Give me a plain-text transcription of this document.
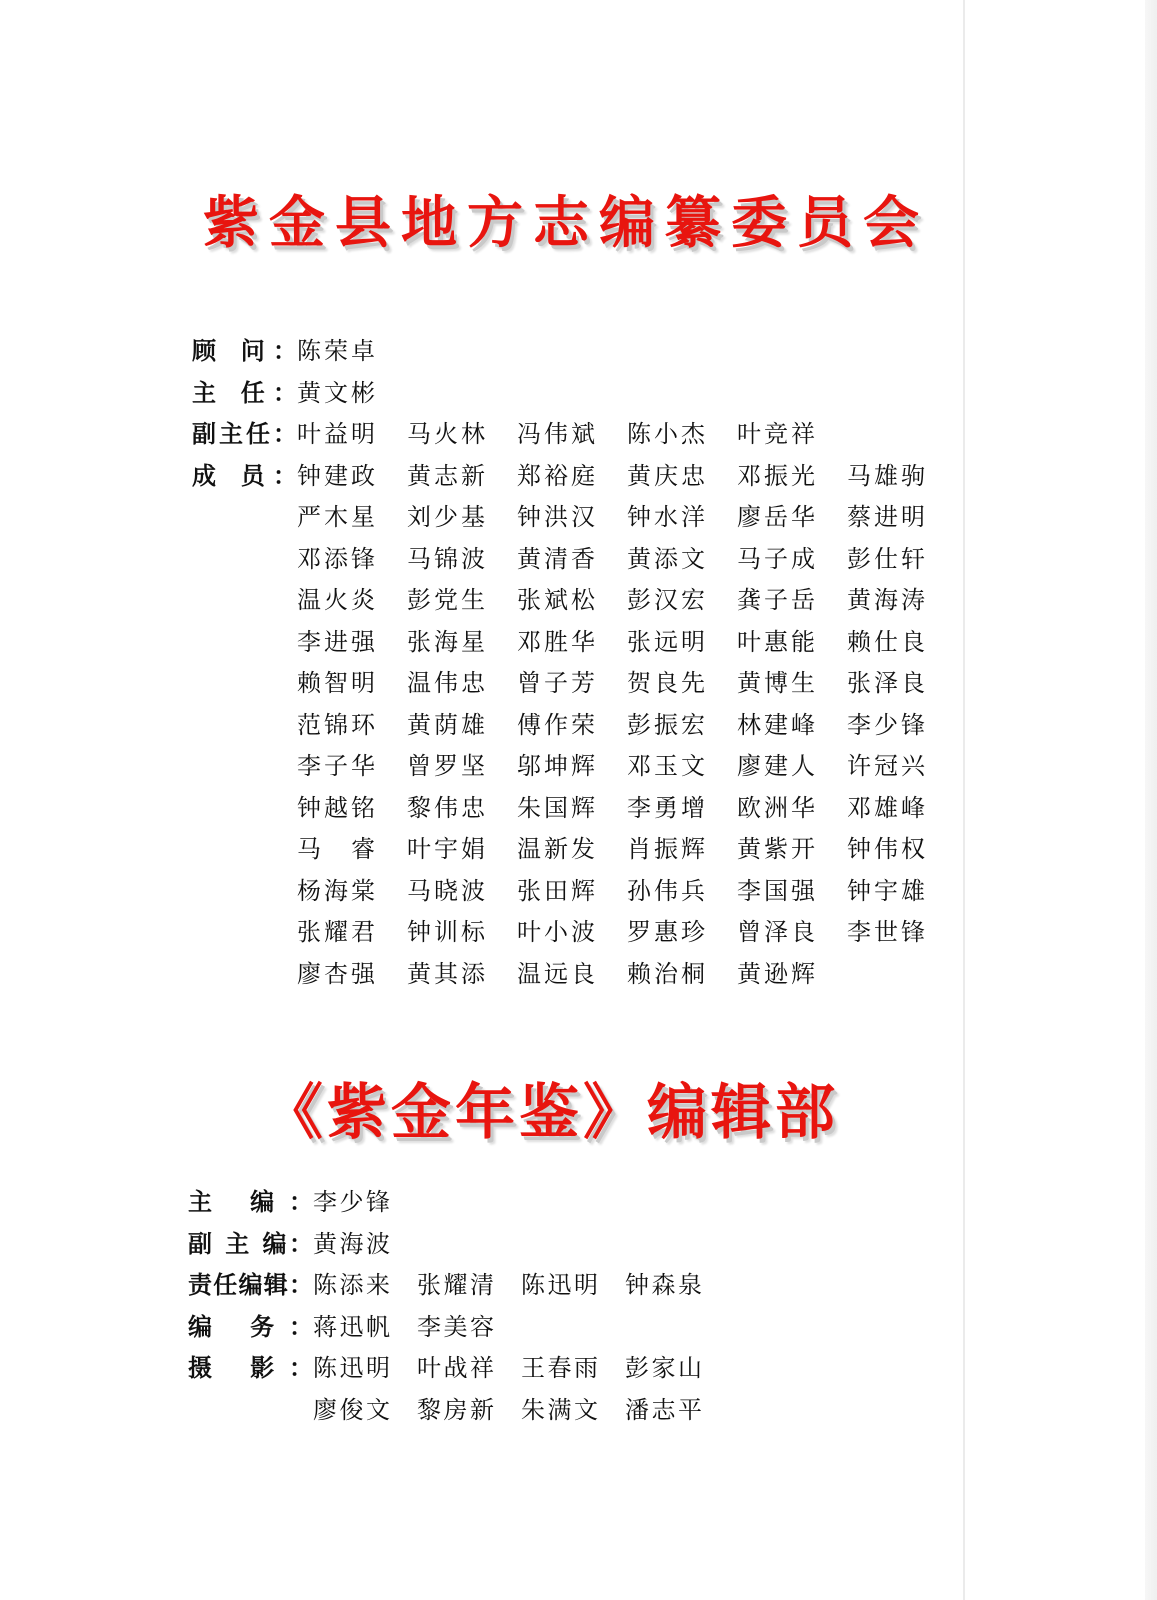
紫金县地方志编纂委员会
顾 问： 陈荣卓
主 任： 黄文彬
副主任： 叶益明	马火林	冯伟斌	陈小杰	叶竞祥
成 员： 钟建政	黄志新	郑裕庭	黄庆忠	邓振光	马雄驹
严木星	刘少基	钟洪汉	钟水洋	廖岳华	蔡进明
邓添锋	马锦波	黄清香	黄添文	马子成	彭仕轩
温火炎	彭党生	张斌松	彭汉宏	龚子岳	黄海涛
李进强	张海星	邓胜华	张远明	叶惠能	赖仕良
赖智明	温伟忠	曾子芳	贺良先	黄博生	张泽良
范锦环	黄荫雄	傅作荣	彭振宏	林建峰	李少锋
李子华	曾罗坚	邬坤辉	邓玉文	廖建人	许冠兴
钟越铭	黎伟忠	朱国辉	李勇增	欧洲华	邓雄峰
马 睿	叶宇娟	温新发	肖振辉	黄紫开	钟伟权
杨海棠	马晓波	张田辉	孙伟兵	李国强	钟宇雄
张耀君	钟训标	叶小波	罗惠珍	曾泽良	李世锋
廖杏强	黄其添	温远良	赖治桐	黄逊辉
《紫金年鉴》编辑部
主 编： 李少锋
副 主 编： 黄海波
责任编辑： 陈添来	张耀清	陈迅明	钟森泉
编 务： 蒋迅帆	李美容
摄 影： 陈迅明	叶战祥	王春雨	彭家山
廖俊文	黎房新	朱满文	潘志平
